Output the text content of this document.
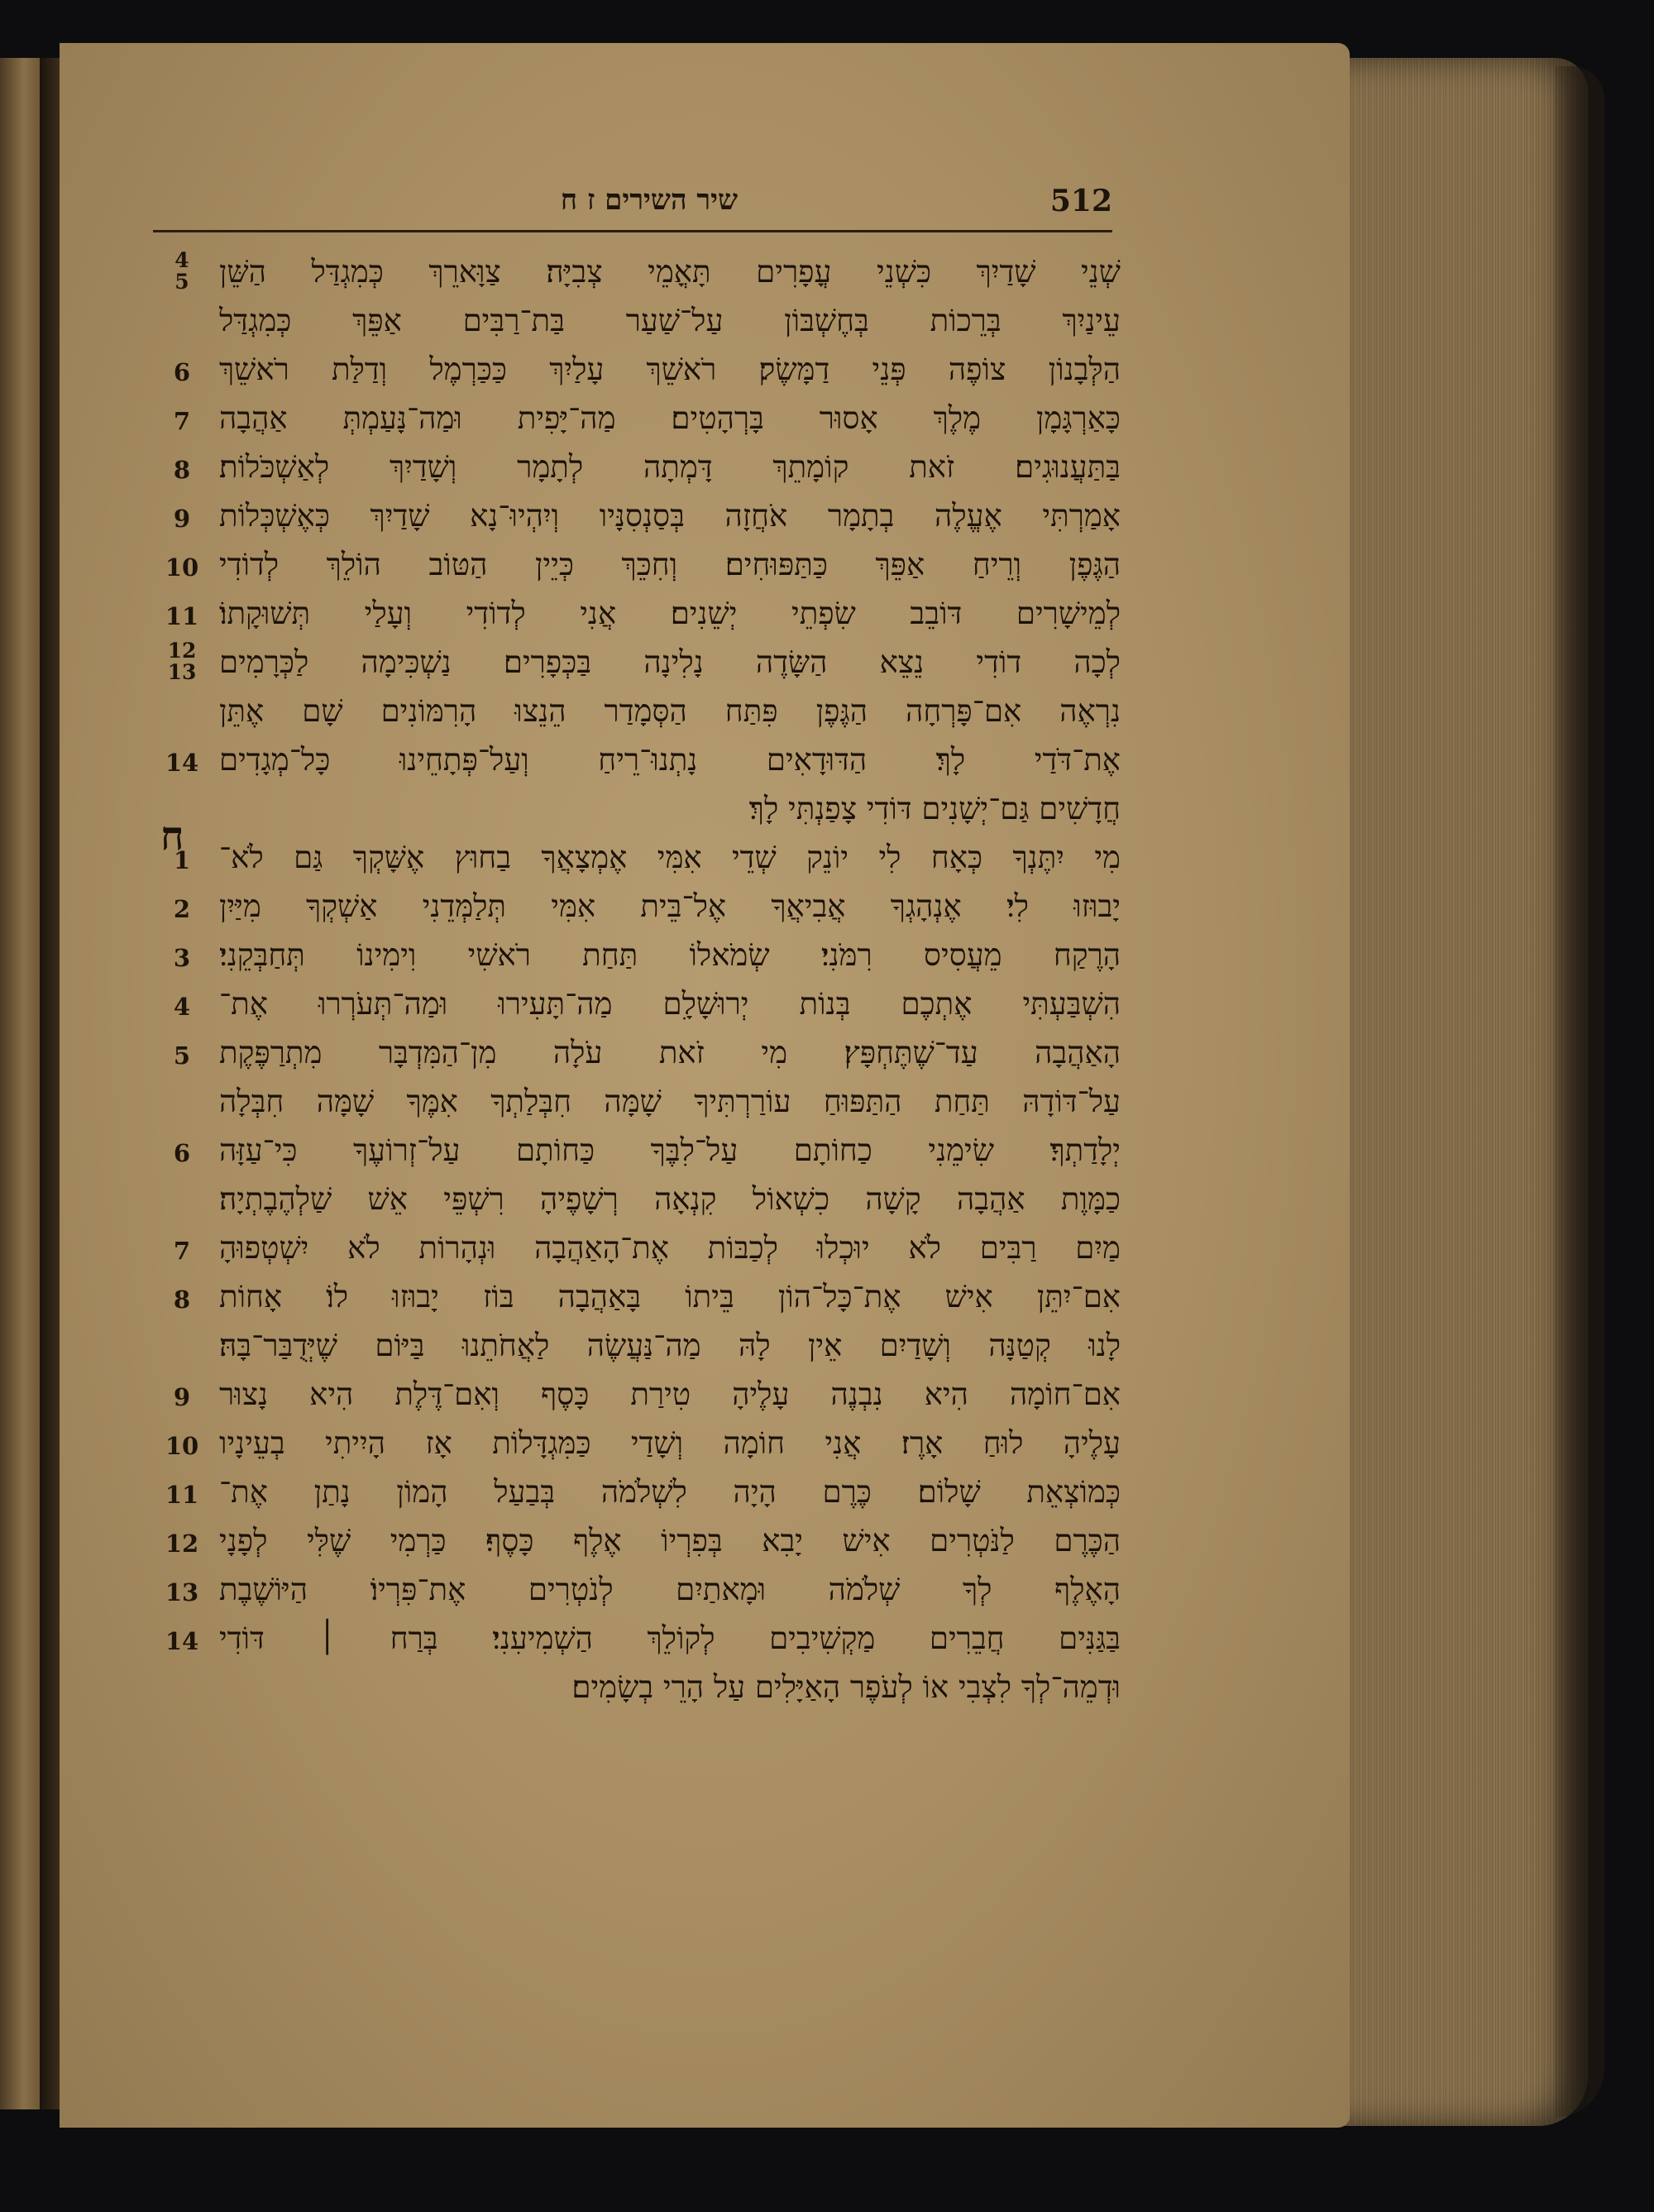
שיר השירים ז ח	512
4
5 שְׁנֵי שָׁדַיִךְ כִּשְׁנֵי עֳפָרִים תָּאֳמֵי צְבִיָּה׃ צַוָּארֵךְ כְּמִגְדַּל הַשֵּׁן
עֵינַיִךְ בְּרֵכוֹת בְּחֶשְׁבּוֹן עַל־שַׁעַר בַּת־רַבִּים אַפֵּךְ כְּמִגְדַּל
6 הַלְּבָנוֹן צוֹפֶה פְּנֵי דַמָּשֶׂק׃ רֹאשֵׁךְ עָלַיִךְ כַּכַּרְמֶל וְדַלַּת רֹאשֵׁךְ
7 כָּאַרְגָּמָן מֶלֶךְ אָסוּר בָּרְהָטִים׃ מַה־יָּפִית וּמַה־נָּעַמְתְּ אַהֲבָה
8 בַּתַּעֲנוּגִים׃ זֹאת קוֹמָתֵךְ דָּמְתָה לְתָמָר וְשָׁדַיִךְ לְאַשְׁכֹּלוֹת׃
9 אָמַרְתִּי אֶעֱלֶה בְתָמָר אֹחֲזָה בְּסַנְסִנָּיו וְיִהְיוּ־נָא שָׁדַיִךְ כְּאֶשְׁכְּלוֹת
10 הַגֶּפֶן וְרֵיחַ אַפֵּךְ כַּתַּפּוּחִים׃ וְחִכֵּךְ כְּיֵין הַטּוֹב הוֹלֵךְ לְדוֹדִי
11 לְמֵישָׁרִים דּוֹבֵב שִׂפְתֵי יְשֵׁנִים׃ אֲנִי לְדוֹדִי וְעָלַי תְּשׁוּקָתוֹ׃
12
13 לְכָה דוֹדִי נֵצֵא הַשָּׂדֶה נָלִינָה בַּכְּפָרִים׃ נַשְׁכִּימָה לַכְּרָמִים
נִרְאֶה אִם־פָּרְחָה הַגֶּפֶן פִּתַּח הַסְּמָדַר הֵנֵצוּ הָרִמּוֹנִים שָׁם אֶתֵּן
14 אֶת־דֹּדַי לָךְ׃ הַדּוּדָאִים נָתְנוּ־רֵיחַ וְעַל־פְּתָחֵינוּ כָּל־מְגָדִים
חֲדָשִׁים גַּם־יְשָׁנִים דּוֹדִי צָפַנְתִּי לָךְ׃
ח
1 מִי יִתֶּנְךָ כְּאָח לִי יוֹנֵק שְׁדֵי אִמִּי אֶמְצָאֲךָ בַחוּץ אֶשָּׁקְךָ גַּם לֹא־
2 יָבוּזוּ לִי׃ אֶנְהָגְךָ אֲבִיאֲךָ אֶל־בֵּית אִמִּי תְּלַמְּדֵנִי אַשְׁקְךָ מִיַּיִן
3 הָרֶקַח מֵעֲסִיס רִמֹּנִי׃ שְׂמֹאלוֹ תַּחַת רֹאשִׁי וִימִינוֹ תְּחַבְּקֵנִי׃
4 הִשְׁבַּעְתִּי אֶתְכֶם בְּנוֹת יְרוּשָׁלִָם מַה־תָּעִירוּ וּמַה־תְּעֹרְרוּ אֶת־
5 הָאַהֲבָה עַד־שֶׁתֶּחְפָּץ׃ מִי זֹאת עֹלָה מִן־הַמִּדְבָּר מִתְרַפֶּקֶת
עַל־דּוֹדָהּ תַּחַת הַתַּפּוּחַ עוֹרַרְתִּיךָ שָׁמָּה חִבְּלַתְךָ אִמֶּךָ שָׁמָּה חִבְּלָה
6 יְלָדַתְךָ׃ שִׂימֵנִי כַחוֹתָם עַל־לִבֶּךָ כַּחוֹתָם עַל־זְרוֹעֶךָ כִּי־עַזָּה
כַמָּוֶת אַהֲבָה קָשָׁה כִשְׁאוֹל קִנְאָה רְשָׁפֶיהָ רִשְׁפֵּי אֵשׁ שַׁלְהֶבֶתְיָה׃
7 מַיִם רַבִּים לֹא יוּכְלוּ לְכַבּוֹת אֶת־הָאַהֲבָה וּנְהָרוֹת לֹא יִשְׁטְפוּהָ
8 אִם־יִתֵּן אִישׁ אֶת־כָּל־הוֹן בֵּיתוֹ בָּאַהֲבָה בּוֹז יָבוּזוּ לוֹ׃ אָחוֹת
לָנוּ קְטַנָּה וְשָׁדַיִם אֵין לָהּ מַה־נַּעֲשֶׂה לַאֲחֹתֵנוּ בַּיּוֹם שֶׁיְּדֻבַּר־בָּהּ׃
9 אִם־חוֹמָה הִיא נִבְנֶה עָלֶיהָ טִירַת כָּסֶף וְאִם־דֶּלֶת הִיא נָצוּר
10 עָלֶיהָ לוּחַ אָרֶז׃ אֲנִי חוֹמָה וְשָׁדַי כַּמִּגְדָּלוֹת אָז הָיִיתִי בְעֵינָיו
11 כְּמוֹצְאֵת שָׁלוֹם׃ כֶּרֶם הָיָה לִשְׁלֹמֹה בְּבַעַל הָמוֹן נָתַן אֶת־
12 הַכֶּרֶם לַנֹּטְרִים אִישׁ יָבִא בְּפִרְיוֹ אֶלֶף כָּסֶף׃ כַּרְמִי שֶׁלִּי לְפָנָי
13 הָאֶלֶף לְךָ שְׁלֹמֹה וּמָאתַיִם לְנֹטְרִים אֶת־פִּרְיוֹ׃ הַיּוֹשֶׁבֶת
14 בַּגַּנִּים חֲבֵרִים מַקְשִׁיבִים לְקוֹלֵךְ הַשְׁמִיעִנִי׃ בְּרַח ׀ דּוֹדִי
וּדְמֵה־לְךָ לִצְבִי אוֹ לְעֹפֶר הָאַיָּלִים עַל הָרֵי בְשָׂמִים׃
